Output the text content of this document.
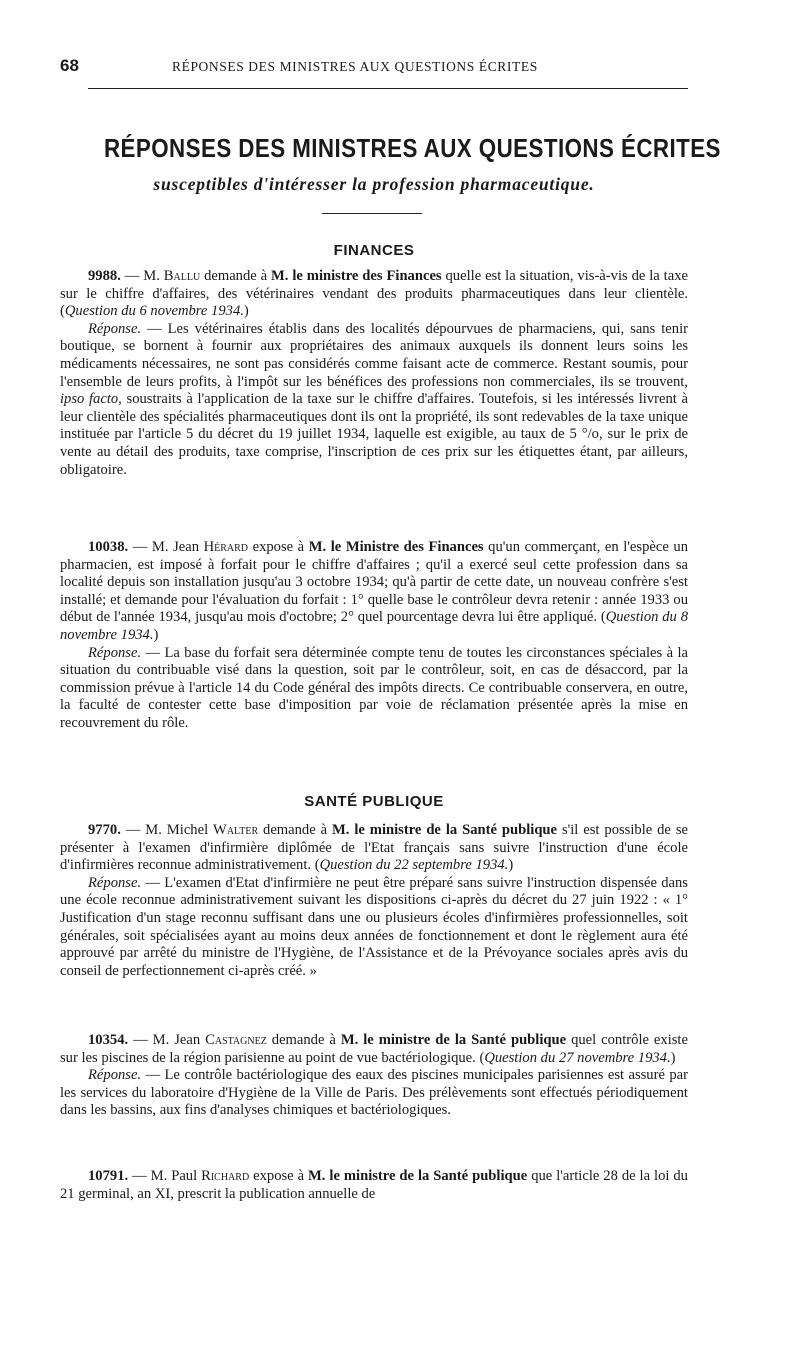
68	RÉPONSES DES MINISTRES AUX QUESTIONS ÉCRITES
RÉPONSES DES MINISTRES AUX QUESTIONS ÉCRITES
susceptibles d'intéresser la profession pharmaceutique.
FINANCES

9988. — M. Ballu demande à M. le ministre des Finances quelle est la situation, vis-à-vis de la taxe sur le chiffre d'affaires, des vétérinaires vendant des produits pharmaceutiques dans leur clientèle. (Question du 6 novembre 1934.)

Réponse. — Les vétérinaires établis dans des localités dépourvues de pharmaciens, qui, sans tenir boutique, se bornent à fournir aux propriétaires des animaux auxquels ils donnent leurs soins les médicaments nécessaires, ne sont pas considérés comme faisant acte de commerce. Restant soumis, pour l'ensemble de leurs profits, à l'impôt sur les bénéfices des professions non commerciales, ils se trouvent, ipso facto, soustraits à l'application de la taxe sur le chiffre d'affaires. Toutefois, si les intéressés livrent à leur clientèle des spécialités pharmaceutiques dont ils ont la propriété, ils sont redevables de la taxe unique instituée par l'article 5 du décret du 19 juillet 1934, laquelle est exigible, au taux de 5 °/o, sur le prix de vente au détail des produits, taxe comprise, l'inscription de ces prix sur les étiquettes étant, par ailleurs, obligatoire.

10038. — M. Jean Hérard expose à M. le Ministre des Finances qu'un commerçant, en l'espèce un pharmacien, est imposé à forfait pour le chiffre d'affaires ; qu'il a exercé seul cette profession dans sa localité depuis son installation jusqu'au 3 octobre 1934; qu'à partir de cette date, un nouveau confrère s'est installé; et demande pour l'évaluation du forfait : 1° quelle base le contrôleur devra retenir : année 1933 ou début de l'année 1934, jusqu'au mois d'octobre; 2° quel pourcentage devra lui être appliqué. (Question du 8 novembre 1934.)

Réponse. — La base du forfait sera déterminée compte tenu de toutes les circonstances spéciales à la situation du contribuable visé dans la question, soit par le contrôleur, soit, en cas de désaccord, par la commission prévue à l'article 14 du Code général des impôts directs. Ce contribuable conservera, en outre, la faculté de contester cette base d'imposition par voie de réclamation présentée après la mise en recouvrement du rôle.

SANTÉ PUBLIQUE

9770. — M. Michel Walter demande à M. le ministre de la Santé publique s'il est possible de se présenter à l'examen d'infirmière diplômée de l'Etat français sans suivre l'instruction d'une école d'infirmières reconnue administrativement. (Question du 22 septembre 1934.)

Réponse. — L'examen d'Etat d'infirmière ne peut être préparé sans suivre l'instruction dispensée dans une école reconnue administrativement suivant les dispositions ci-après du décret du 27 juin 1922 : « 1° Justification d'un stage reconnu suffisant dans une ou plusieurs écoles d'infirmières professionnelles, soit générales, soit spécialisées ayant au moins deux années de fonctionnement et dont le règlement aura été approuvé par arrêté du ministre de l'Hygiène, de l'Assistance et de la Prévoyance sociales après avis du conseil de perfectionnement ci-après créé. »

10354. — M. Jean Castagnez demande à M. le ministre de la Santé publique quel contrôle existe sur les piscines de la région parisienne au point de vue bactériologique. (Question du 27 novembre 1934.)

Réponse. — Le contrôle bactériologique des eaux des piscines municipales parisiennes est assuré par les services du laboratoire d'Hygiène de la Ville de Paris. Des prélèvements sont effectués périodiquement dans les bassins, aux fins d'analyses chimiques et bactériologiques.

10791. — M. Paul Richard expose à M. le ministre de la Santé publique que l'article 28 de la loi du 21 germinal, an XI, prescrit la publication annuelle de
